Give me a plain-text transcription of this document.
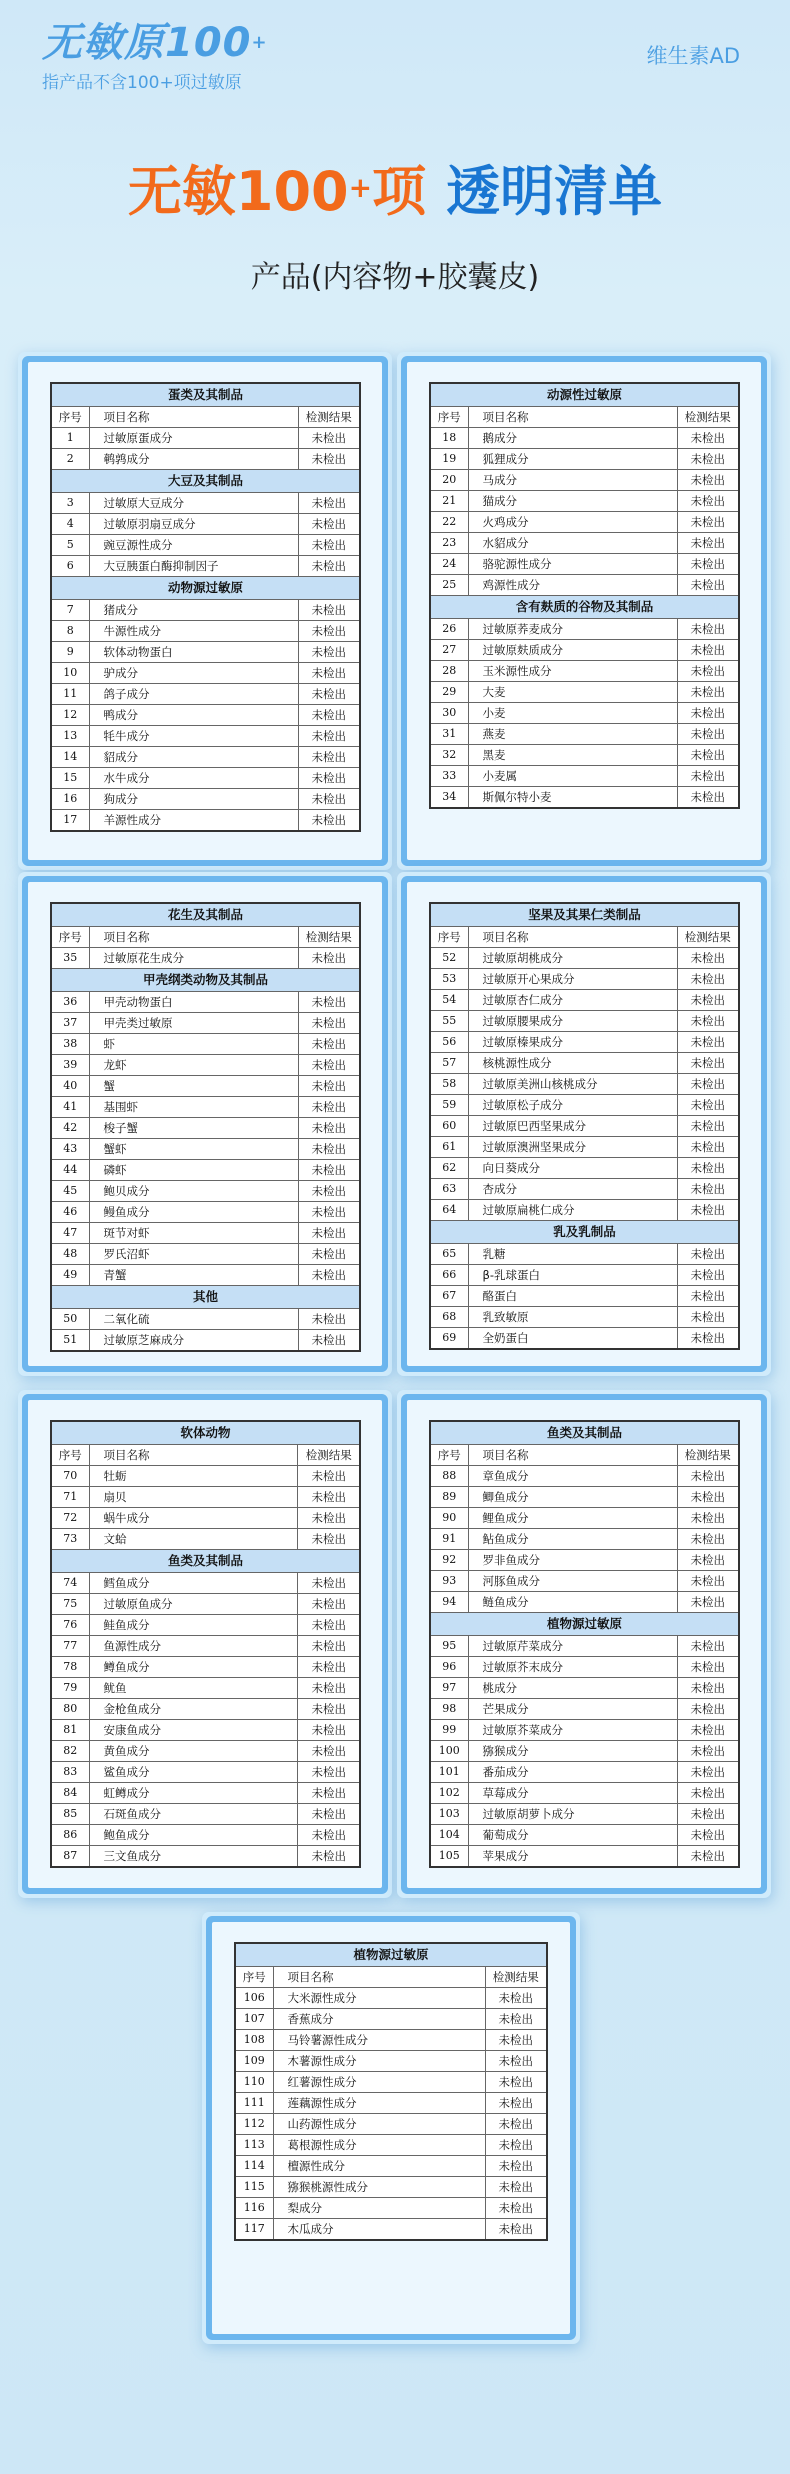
无敏原100+
指产品不含100+项过敏原
维生素AD
无敏100+项 透明清单
产品(内容物+胶囊皮)
蛋类及其制品		
序号	项目名称	检测结果
1	过敏原蛋成分	未检出
2	鹌鹑成分	未检出
大豆及其制品		
3	过敏原大豆成分	未检出
4	过敏原羽扇豆成分	未检出
5	豌豆源性成分	未检出
6	大豆胰蛋白酶抑制因子	未检出
动物源过敏原		
7	猪成分	未检出
8	牛源性成分	未检出
9	软体动物蛋白	未检出
10	驴成分	未检出
11	鸽子成分	未检出
12	鸭成分	未检出
13	牦牛成分	未检出
14	貂成分	未检出
15	水牛成分	未检出
16	狗成分	未检出
17	羊源性成分	未检出
动源性过敏原		
序号	项目名称	检测结果
18	鹅成分	未检出
19	狐狸成分	未检出
20	马成分	未检出
21	猫成分	未检出
22	火鸡成分	未检出
23	水貂成分	未检出
24	骆驼源性成分	未检出
25	鸡源性成分	未检出
含有麸质的谷物及其制品		
26	过敏原荞麦成分	未检出
27	过敏原麸质成分	未检出
28	玉米源性成分	未检出
29	大麦	未检出
30	小麦	未检出
31	燕麦	未检出
32	黑麦	未检出
33	小麦属	未检出
34	斯佩尔特小麦	未检出
花生及其制品		
序号	项目名称	检测结果
35	过敏原花生成分	未检出
甲壳纲类动物及其制品		
36	甲壳动物蛋白	未检出
37	甲壳类过敏原	未检出
38	虾	未检出
39	龙虾	未检出
40	蟹	未检出
41	基围虾	未检出
42	梭子蟹	未检出
43	蟹虾	未检出
44	磷虾	未检出
45	鲍贝成分	未检出
46	鳗鱼成分	未检出
47	斑节对虾	未检出
48	罗氏沼虾	未检出
49	青蟹	未检出
其他		
50	二氧化硫	未检出
51	过敏原芝麻成分	未检出
坚果及其果仁类制品		
序号	项目名称	检测结果
52	过敏原胡桃成分	未检出
53	过敏原开心果成分	未检出
54	过敏原杏仁成分	未检出
55	过敏原腰果成分	未检出
56	过敏原榛果成分	未检出
57	核桃源性成分	未检出
58	过敏原美洲山核桃成分	未检出
59	过敏原松子成分	未检出
60	过敏原巴西坚果成分	未检出
61	过敏原澳洲坚果成分	未检出
62	向日葵成分	未检出
63	杏成分	未检出
64	过敏原扁桃仁成分	未检出
乳及乳制品		
65	乳糖	未检出
66	β-乳球蛋白	未检出
67	酪蛋白	未检出
68	乳致敏原	未检出
69	全奶蛋白	未检出
软体动物		
序号	项目名称	检测结果
70	牡蛎	未检出
71	扇贝	未检出
72	蜗牛成分	未检出
73	文蛤	未检出
鱼类及其制品		
74	鳕鱼成分	未检出
75	过敏原鱼成分	未检出
76	鲑鱼成分	未检出
77	鱼源性成分	未检出
78	鳟鱼成分	未检出
79	鱿鱼	未检出
80	金枪鱼成分	未检出
81	安康鱼成分	未检出
82	黄鱼成分	未检出
83	鲨鱼成分	未检出
84	虹鳟成分	未检出
85	石斑鱼成分	未检出
86	鲍鱼成分	未检出
87	三文鱼成分	未检出
鱼类及其制品		
序号	项目名称	检测结果
88	章鱼成分	未检出
89	鲫鱼成分	未检出
90	鲤鱼成分	未检出
91	鲇鱼成分	未检出
92	罗非鱼成分	未检出
93	河豚鱼成分	未检出
94	鲢鱼成分	未检出
植物源过敏原		
95	过敏原芹菜成分	未检出
96	过敏原芥末成分	未检出
97	桃成分	未检出
98	芒果成分	未检出
99	过敏原芥菜成分	未检出
100	猕猴成分	未检出
101	番茄成分	未检出
102	草莓成分	未检出
103	过敏原胡萝卜成分	未检出
104	葡萄成分	未检出
105	苹果成分	未检出
植物源过敏原		
序号	项目名称	检测结果
106	大米源性成分	未检出
107	香蕉成分	未检出
108	马铃薯源性成分	未检出
109	木薯源性成分	未检出
110	红薯源性成分	未检出
111	莲藕源性成分	未检出
112	山药源性成分	未检出
113	葛根源性成分	未检出
114	檀源性成分	未检出
115	猕猴桃源性成分	未检出
116	梨成分	未检出
117	木瓜成分	未检出
